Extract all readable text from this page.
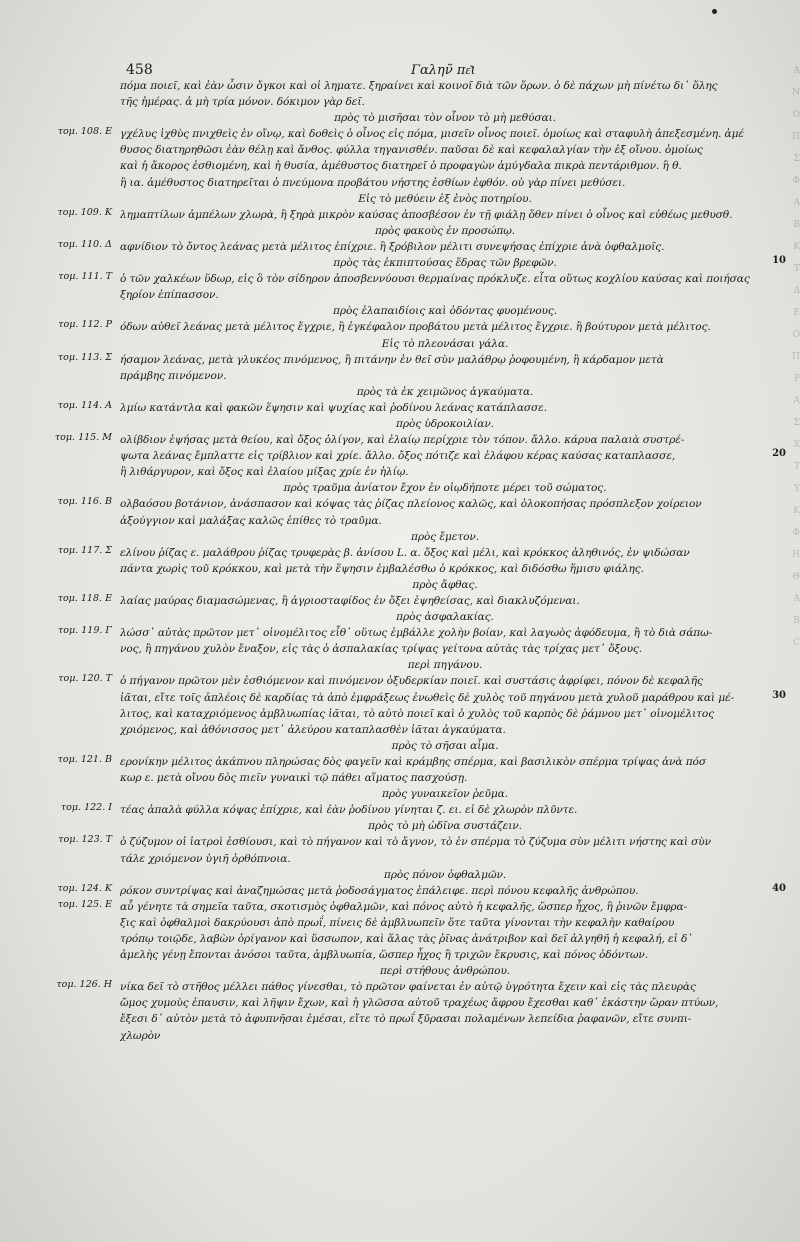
A
N
O
Π
Σ
Φ
A
B
K
T
Δ
E
O
Π
P
A
Σ
X
T
Υ
K
Φ
H
Θ
A
B
C
458	Γαλην̃ πε͂ι
πόμα ποιεῖ, καὶ ἐὰν ὦσιν ὄγκοι καὶ οἱ ληματε. ξηραίνει καὶ κοινοῖ διὰ τῶν ὅρων. ὁ δὲ πάχων μὴ πίνέτω δι᾽ ὅλης
τῆς ἡμέρας. ἀ μὴ τρία μόνον. δόκιμον γὰρ δεῖ.
πρὸς τὸ μισῆσαι τὸν οἶνον τὸ μὴ μεθύσαι.
τομ. 108. E γχέλυς ἰχθὺς πνιχθεὶς ἐν οἴνῳ, καὶ δοθεὶς ὁ οἶνος εἰς πόμα, μισεῖν οἶνος ποιεῖ. ὁμοίως καὶ σταφυλὴ ἀπεξεσμένη. ἀμέ
θυσος διατηρηθῶσι ἐὰν θέλῃ καὶ ἄνθος. φύλλα τηγανισθέν. παῦσαι δὲ καὶ κεφαλαλγίαν τὴν ἐξ οἴνου. ὁμοίως
καὶ ἡ ἄκορος ἐσθιομένη, καὶ ἡ θυσία, ἀμέθυστος διατηρεῖ ὁ προφαγὼν ἀμύγδαλα πικρὰ πεντάριθμον. ἢ θ.
ἢ ια. ἀμέθυστος διατηρεῖται ὁ πνεύμονα προβάτου νήστης ἐσθίων ἐφθόν. οὐ γὰρ πίνει μεθύσει.
Εἰς τὸ μεθύειν ἐξ ἑνὸς ποτηρίου.
τομ. 109. K λημαπτίλων ἀμπέλων χλωρὰ, ἢ ξηρὰ μικρὸν καύσας ἀποσβέσον ἐν τῇ φιάλῃ ὅθεν πίνει ὁ οἶνος καὶ εὐθέως μεθυσθ.
πρὸς φακοὺς ἐν προσώπῳ.
τομ. 110. Δ αφνίδιον τὸ ὄντος λεάνας μετὰ μέλιτος ἐπίχριε. ἢ ξρόβιλον μέλιτι συνεψήσας ἐπίχριε ἀνὰ ὀφθαλμοῖς.
πρὸς τὰς ἐκπιπτούσας ἕδρας τῶν βρεφῶν.
τομ. 111. T ὁ τῶν χαλκέων ὕδωρ, εἰς ὃ τὸν σίδηρον ἀποσβεννύουσι θερμαίνας πρόκλυζε. εἶτα οὕτως κοχλίου καύσας καὶ ποιήσας
ξηρίον ἐπίπασσον.
πρὸς ἐλαπαιδίοις καὶ ὀδόντας φυομένους.
τομ. 112. P όδων αὐθεῖ λεάνας μετὰ μέλιτος ἔγχριε, ἢ ἐγκέφαλον προβάτου μετὰ μέλιτος ἔγχριε. ἢ βούτυρον μετὰ μέλιτος.
Εἰς τὸ πλεονάσαι γάλα.
τομ. 113. Σ ήσαμον λεάνας, μετὰ γλυκέος πινόμενος, ἢ πιτάνην ἐν θεῖ σὺν μαλάθρῳ ῥοφουμένη, ἢ κάρδαμον μετὰ
πράμβης πινόμενον.
πρὸς τὰ ἐκ χειμῶνος ἀγκαύματα.
τομ. 114. A λμίω κατάντλα καὶ φακῶν ἕψησιν καὶ ψυχίας καὶ ῥοδίνου λεάνας κατάπλασσε.
πρὸς ὑδροκοιλίαν.
τομ. 115. M ολίβδιον ἑψήσας μετὰ θείου, καὶ ὄξος ὀλίγον, καὶ ἐλαίῳ περίχριε τὸν τόπον. ἄλλο. κάρυα παλαιὰ συστρέ-
ψωτα λεάνας ἔμπλαττε εἰς τρίβλιον καὶ χρίε. ἄλλο. ὄξος πότιζε καὶ ἐλάφου κέρας καύσας καταπλασσε,
ἢ λιθάργυρον, καὶ ὄξος καὶ ἐλαίου μίξας χρίε ἐν ἡλίῳ.
πρὸς τραῦμα ἀνίατον ἔχον ἐν οἱῳδήποτε μέρει τοῦ σώματος.
τομ. 116. B ολβαόσου βοτάνιον, ἀνάσπασον καὶ κόψας τὰς ῥίζας πλείονος καλῶς, καὶ ὁλοκοπήσας πρόσπλεξον χοίρειον
ἀξούγγιον καὶ μαλάξας καλῶς ἐπίθες τὸ τραῦμα.
πρὸς ἔμετον.
τομ. 117. Σ ελίνου ῥίζας ε. μαλάθρου ῥίζας τρυφερὰς β. ἀνίσου L. α. ὄξος καὶ μέλι, καὶ κρόκκος ἀληθινός, ἐν ψιδώσαν
πάντα χωρὶς τοῦ κρόκκου, καὶ μετὰ τὴν ἕψησιν ἐμβαλέσθω ὁ κρόκκος, καὶ διδόσθω ἥμισυ φιάλης.
πρὸς ἄφθας.
τομ. 118. E λαίας μαύρας διαμασώμενας, ἢ ἀγριοσταφίδος ἐν ὄξει ἑψηθείσας, καὶ διακλυζόμεναι.
πρὸς ἀσφαλακίας.
τομ. 119. Γ λώσσ᾽ αὐτὰς πρῶτον μετ᾽ οἰνομέλιτος εἶθ᾽ οὕτως ἐμβάλλε χολὴν βοίαν, καὶ λαγωὸς ἀφόδευμα, ἢ τὸ διὰ σάπω-
νος, ἢ πηγάνου χυλὸν ἔναξον, εἰς τὰς ὁ ἀσπαλακίας τρίψας γείτονα αὐτὰς τὰς τρίχας μετ᾽ ὄξους.
περὶ πηγάνου.
τομ. 120. T ὁ πήγανον πρῶτον μὲν ἐσθιόμενον καὶ πινόμενον ὀξυδερκίαν ποιεῖ. καὶ συστάσις ἀφρίφει, πόνον δὲ κεφαλῆς
ἰᾶται, εἴτε τοῖς ἀπλέοις δὲ καρδίας τὰ ἀπὸ ἐμφράξεως ἐνωθεὶς δὲ χυλὸς τοῦ πηγάνου μετὰ χυλοῦ μαράθρου καὶ μέ-
λιτος, καὶ καταχριόμενος ἀμβλυωπίας ἰᾶται, τὸ αὐτὸ ποιεῖ καὶ ὁ χυλὸς τοῦ καρπὸς δὲ ῥάμνου μετ᾽ οἰνομέλιτος
χριόμενος, καὶ ἀθόνισσος μετ᾽ ἀλεύρου καταπλασθὲν ἰᾶται ἀγκαύματα.
πρὸς τὸ σῆσαι αἷμα.
τομ. 121. B ερονίκην μέλιτος ἀκάπνου πληρώσας δὸς φαγεῖν καὶ κράμβης σπέρμα, καὶ βασιλικὸν σπέρμα τρίψας ἀνὰ πόσ
κωρ ε. μετὰ οἴνου δὸς πιεῖν γυναικὶ τῷ πάθει αἵματος πασχούσῃ.
πρὸς γυναικεῖον ῥεῦμα.
τομ. 122. I τέας ἀπαλὰ φύλλα κόψας ἐπίχριε, καὶ ἐὰν ῥοδίνου γίνηται ζ. ει. εἰ δὲ χλωρὸν πλῦντε.
πρὸς τὸ μὴ ὠδῖνα συστάζειν.
τομ. 123. T ὁ ζύζυμον οἱ ἰατροὶ ἐσθίουσι, καὶ τὸ πήγανον καὶ τὸ ἄγνον, τὸ ἐν σπέρμα τὸ ζύζυμα σὺν μέλιτι νήστης καὶ σὺν
τάλε χριόμενον ὑγιῆ ὀρθόπνοια.
πρὸς πόνον ὀφθαλμῶν.
τομ. 124. K ρόκον συντρίψας καὶ ἀναζημώσας μετὰ ῥοδοσάγματος ἐπάλειφε. περὶ πόνου κεφαλῆς ἀνθρώπου.
τομ. 125. E αὖ γένητε τὰ σημεῖα ταῦτα, σκοτισμὸς ὀφθαλμῶν, καὶ πόνος αὐτὸ ἡ κεφαλῆς, ὥσπερ ἦχος, ἢ ῥινῶν ἔμφρα-
ξις καὶ ὀφθαλμοὶ δακρύουσι ἀπὸ πρωΐ, πίνεις δὲ ἀμβλυωπεῖν ὅτε ταῦτα γίνονται τὴν κεφαλὴν καθαίρου
τρόπῳ τοιῷδε, λαβὼν ὀρίγανον καὶ ὕσσωπον, καὶ ἅλας τὰς ῥῖνας ἀνάτριβον καὶ δεῖ ἀλγηθῆ ἡ κεφαλή, εἰ δ᾽
ἀμελὴς γένῃ ἔπονται ἀνόσοι ταῦτα, ἀμβλυωπία, ὥσπερ ἦχος ἢ τριχῶν ἔκρυσις, καὶ πόνος ὀδόντων.
περὶ στήθους ἀνθρώπου.
τομ. 126. H νίκα δεῖ τὸ στῆθος μέλλει πάθος γίνεσθαι, τὸ πρῶτον φαίνεται ἐν αὐτῷ ὑγρότητα ἔχειν καὶ εἰς τὰς πλευρὰς
ὤμος χυμοὺς ἐπαυσιν, καὶ λῆψιν ἔχων, καὶ ἡ γλῶσσα αὐτοῦ τραχέως ἄφρου ἔχεσθαι καθ᾽ ἑκάστην ὥραν πτύων,
ἔξεσι δ᾽ αὐτὸν μετὰ τὸ ἀφυπνῆσαι ἐμέσαι, εἴτε τὸ πρωΐ ξῦρασαι πολαμένων λεπείδια ῥαφανῶν, εἴτε συνπι-
χλωρὸν
10
20
30
40
